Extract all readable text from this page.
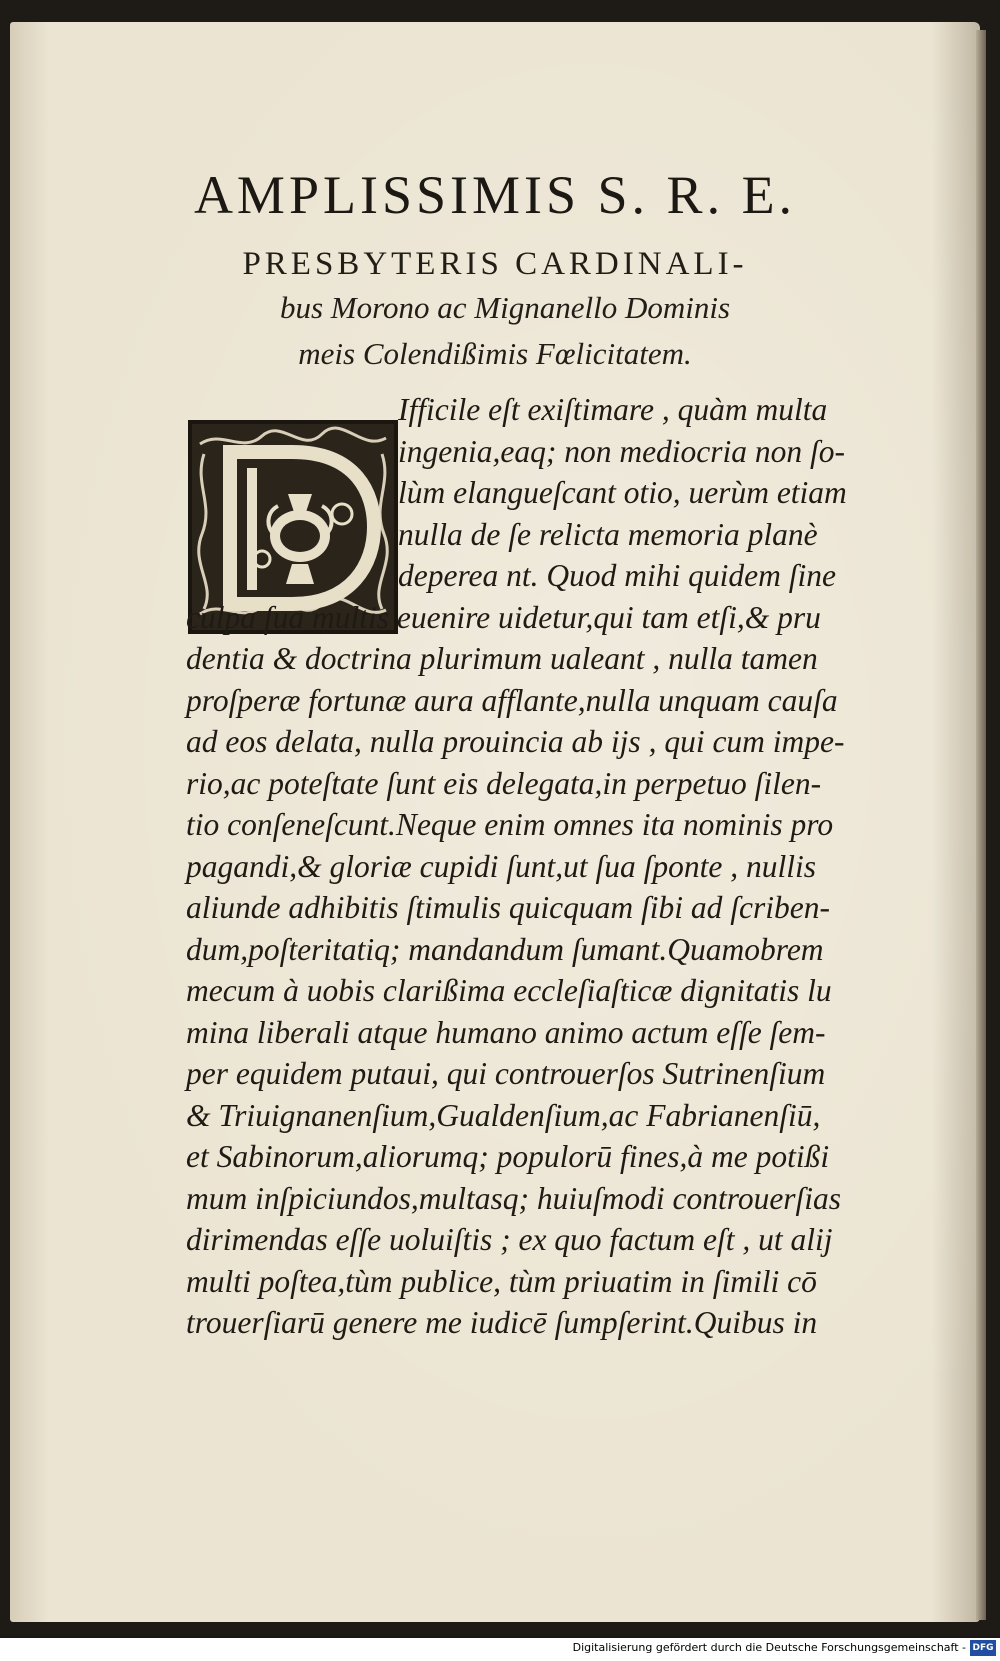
AMPLISSIMIS S. R. E.
PRESBYTERIS CARDINALI-
bus Morono ac Mignanello Dominis
meis Colendißimis Fœlicitatem.
Ifficile eſt exiſtimare , quàm multa
ingenia,eaq; non mediocria non ſo-
lùm elangueſcant otio, uerùm etiam
nulla de ſe relicta memoria planè
deperea nt. Quod mihi quidem ſine
culpa ſua multis euenire uidetur,qui tam etſi,& pru
dentia & doctrina plurimum ualeant , nulla tamen
proſperæ fortunæ aura afflante,nulla unquam cauſa
ad eos delata, nulla prouincia ab ijs , qui cum impe-
rio,ac poteſtate ſunt eis delegata,in perpetuo ſilen-
tio conſeneſcunt.Neque enim omnes ita nominis pro
pagandi,& gloriæ cupidi ſunt,ut ſua ſponte , nullis
aliunde adhibitis ſtimulis quicquam ſibi ad ſcriben-
dum,poſteritatiq; mandandum ſumant.Quamobrem
mecum à uobis clarißima eccleſiaſticæ dignitatis lu
mina liberali atque humano animo actum eſſe ſem-
per equidem putaui, qui controuerſos Sutrinenſium
& Triuignanenſium,Gualdenſium,ac Fabrianenſiū,
et Sabinorum,aliorumq; populorū fines,à me potißi
mum inſpiciundos,multasq; huiuſmodi controuerſias
dirimendas eſſe uoluiſtis ; ex quo factum eſt , ut alij
multi poſtea,tùm publice, tùm priuatim in ſimili cō
trouerſiarū genere me iudicē ſumpſerint.Quibus in
Digitalisierung gefördert durch die Deutsche Forschungsgemeinschaft - DFG
